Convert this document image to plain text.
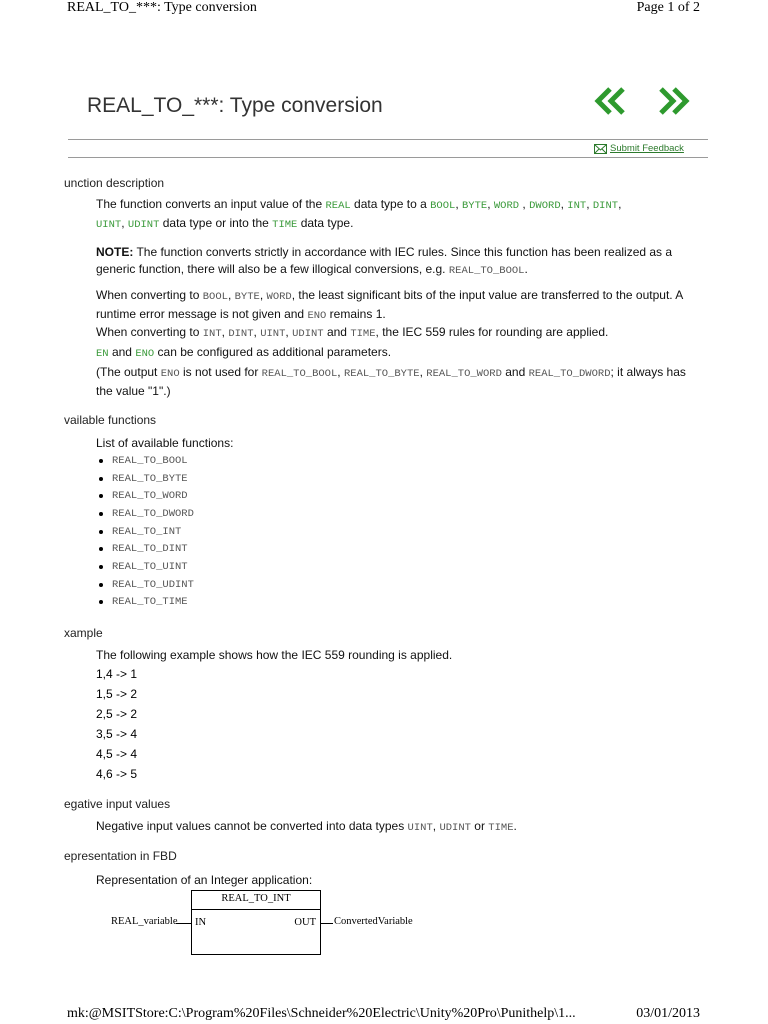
REAL_TO_***: Type conversion	Page 1 of 2
REAL_TO_***: Type conversion
Submit Feedback
unction description
The function converts an input value of the REAL data type to a BOOL, BYTE, WORD , DWORD, INT, DINT,
UINT, UDINT data type or into the TIME data type.
NOTE: The function converts strictly in accordance with IEC rules. Since this function has been realized as a generic function, there will also be a few illogical conversions, e.g. REAL_TO_BOOL.
When converting to BOOL, BYTE, WORD, the least significant bits of the input value are transferred to the output. A runtime error message is not given and ENO remains 1.
When converting to INT, DINT, UINT, UDINT and TIME, the IEC 559 rules for rounding are applied.
EN and ENO can be configured as additional parameters.
(The output ENO is not used for REAL_TO_BOOL, REAL_TO_BYTE, REAL_TO_WORD and REAL_TO_DWORD; it always has the value "1".)
vailable functions
List of available functions:
REAL_TO_BOOL
REAL_TO_BYTE
REAL_TO_WORD
REAL_TO_DWORD
REAL_TO_INT
REAL_TO_DINT
REAL_TO_UINT
REAL_TO_UDINT
REAL_TO_TIME
xample
The following example shows how the IEC 559 rounding is applied.
1,4 -> 1
1,5 -> 2
2,5 -> 2
3,5 -> 4
4,5 -> 4
4,6 -> 5
egative input values
Negative input values cannot be converted into data types UINT, UDINT or TIME.
epresentation in FBD
Representation of an Integer application:
REAL_TO_INT
IN	OUT
REAL_variable	ConvertedVariable
mk:@MSITStore:C:\Program%20Files\Schneider%20Electric\Unity%20Pro\Punithelp\1...	03/01/2013
